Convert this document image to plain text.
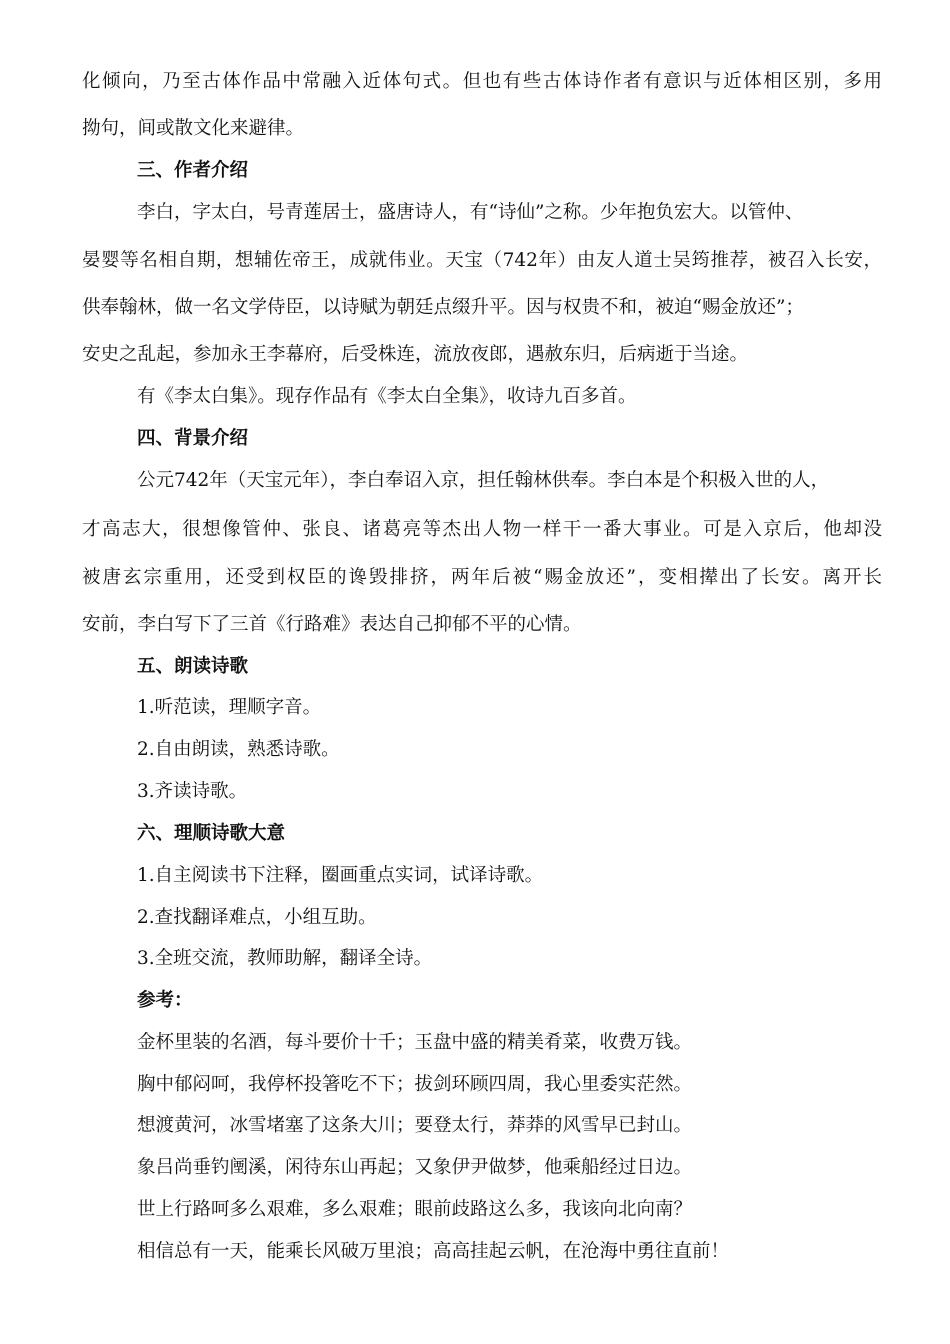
化倾向，乃至古体作品中常融入近体句式。但也有些古体诗作者有意识与近体相区别，多用
拗句，间或散文化来避律。
三、作者介绍
李白，字太白，号青莲居士，盛唐诗人，有“诗仙”之称。少年抱负宏大。以管仲、
晏婴等名相自期，想辅佐帝王，成就伟业。天宝（742年）由友人道士吴筠推荐，被召入长安，
供奉翰林，做一名文学侍臣，以诗赋为朝廷点缀升平。因与权贵不和，被迫“赐金放还”；
安史之乱起，参加永王李幕府，后受株连，流放夜郎，遇赦东归，后病逝于当途。
有《李太白集》。现存作品有《李太白全集》，收诗九百多首。
四、背景介绍
公元742年（天宝元年），李白奉诏入京，担任翰林供奉。李白本是个积极入世的人，
才高志大，很想像管仲、张良、诸葛亮等杰出人物一样干一番大事业。可是入京后，他却没
被唐玄宗重用，还受到权臣的谗毁排挤，两年后被“赐金放还”，变相撵出了长安。离开长
安前，李白写下了三首《行路难》表达自己抑郁不平的心情。
五、朗读诗歌
1.听范读，理顺字音。
2.自由朗读，熟悉诗歌。
3.齐读诗歌。
六、理顺诗歌大意
1.自主阅读书下注释，圈画重点实词，试译诗歌。
2.查找翻译难点，小组互助。
3.全班交流，教师助解，翻译全诗。
参考：
金杯里装的名酒，每斗要价十千；玉盘中盛的精美肴菜，收费万钱。
胸中郁闷呵，我停杯投箸吃不下；拔剑环顾四周，我心里委实茫然。
想渡黄河，冰雪堵塞了这条大川；要登太行，莽莽的风雪早已封山。
象吕尚垂钓𬮱溪，闲待东山再起；又象伊尹做梦，他乘船经过日边。
世上行路呵多么艰难，多么艰难；眼前歧路这么多，我该向北向南？
相信总有一天，能乘长风破万里浪；高高挂起云帆，在沧海中勇往直前！
